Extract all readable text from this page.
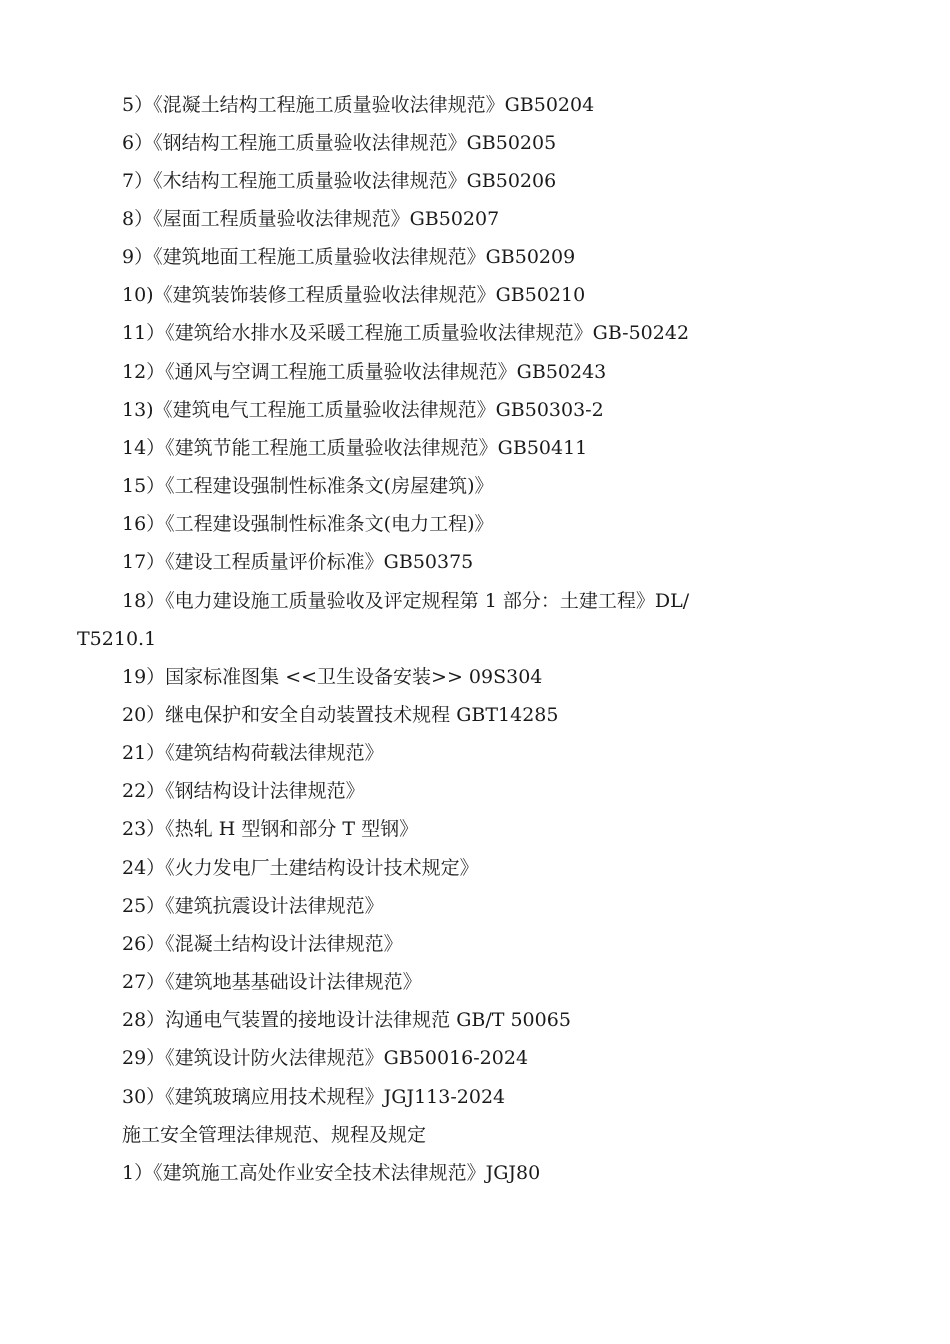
5）《混凝土结构工程施工质量验收法律规范》GB50204
6）《钢结构工程施工质量验收法律规范》GB50205
7）《木结构工程施工质量验收法律规范》GB50206
8）《屋面工程质量验收法律规范》GB50207
9）《建筑地面工程施工质量验收法律规范》GB50209
10)《建筑装饰装修工程质量验收法律规范》GB50210
11）《建筑给水排水及采暖工程施工质量验收法律规范》GB-50242
12）《通风与空调工程施工质量验收法律规范》GB50243
13)《建筑电气工程施工质量验收法律规范》GB50303-2
14）《建筑节能工程施工质量验收法律规范》GB50411
15）《工程建设强制性标准条文(房屋建筑)》
16）《工程建设强制性标准条文(电力工程)》
17）《建设工程质量评价标准》GB50375
18）《电力建设施工质量验收及评定规程第 1 部分：土建工程》DL/
T5210.1
19）国家标准图集 <<卫生设备安装>> 09S304
20）继电保护和安全自动装置技术规程 GBT14285
21）《建筑结构荷载法律规范》
22）《钢结构设计法律规范》
23）《热轧 H 型钢和部分 T 型钢》
24）《火力发电厂土建结构设计技术规定》
25）《建筑抗震设计法律规范》
26）《混凝土结构设计法律规范》
27）《建筑地基基础设计法律规范》
28）沟通电气装置的接地设计法律规范 GB/T 50065
29）《建筑设计防火法律规范》GB50016-2024
30）《建筑玻璃应用技术规程》JGJ113-2024
施工安全管理法律规范、规程及规定
1）《建筑施工高处作业安全技术法律规范》JGJ80
